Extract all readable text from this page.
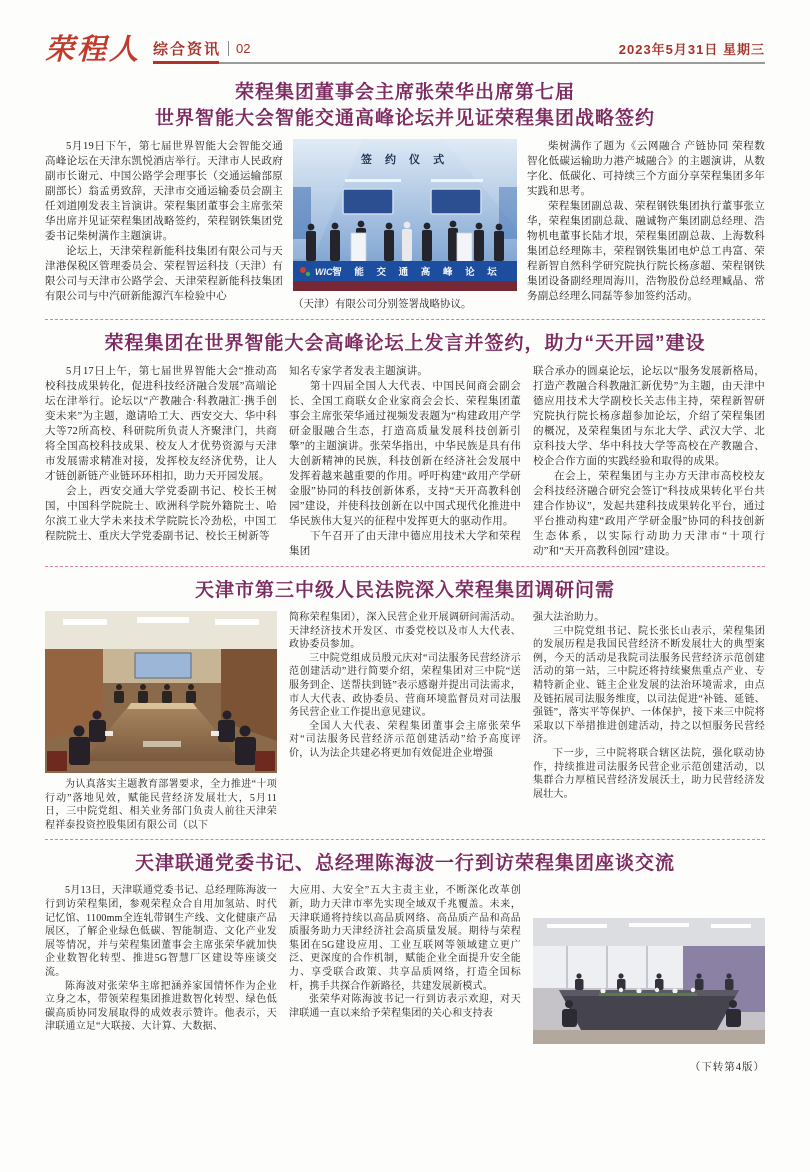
荣程人 综合资讯 02	2023年5月31日 星期三
荣程集团董事会主席张荣华出席第七届
世界智能大会智能交通高峰论坛并见证荣程集团战略签约

5月19日下午，第七届世界智能大会智能交通高峰论坛在天津东凯悦酒店举行。天津市人民政府副市长谢元、中国公路学会理事长（交通运输部原副部长）翁孟勇致辞，天津市交通运输委员会副主任刘道刚发表主旨演讲。荣程集团董事会主席张荣华出席并见证荣程集团战略签约，荣程钢铁集团党委书记柴树满作主题演讲。

论坛上，天津荣程新能科技集团有限公司与天津港保税区管理委员会、荣程智运科技（天津）有限公司与天津市公路学会、天津荣程新能科技集团有限公司与中汽研新能源汽车检验中心

签 约 仪 式
智 能 交 通 高 峰 论 坛
WIC

（天津）有限公司分别签署战略协议。

柴树满作了题为《云网融合 产链协同 荣程数智化低碳运输助力港产城融合》的主题演讲，从数字化、低碳化、可持续三个方面分享荣程集团多年实践和思考。

荣程集团副总裁、荣程钢铁集团执行董事张立华，荣程集团副总裁、融诚物产集团副总经理、浩物机电董事长陆才垠，荣程集团副总裁、上海数科集团总经理陈丰，荣程钢铁集团电炉总工冉富、荣程新智自然科学研究院执行院长杨彦超、荣程钢铁集团设备副经理周海川，浩物股份总经理臧晶、常务副总经理么同磊等参加签约活动。

荣程集团在世界智能大会高峰论坛上发言并签约，助力“天开园”建设

5月17日上午，第七届世界智能大会“推动高校科技成果转化，促进科技经济融合发展”高端论坛在津举行。论坛以“产教融合·科教融汇·携手创变未来”为主题，邀请哈工大、西安交大、华中科大等72所高校、科研院所负责人齐聚津门，共商将全国高校科技成果、校友人才优势资源与天津市发展需求精准对接，发挥校友经济优势，让人才链创新链产业链环环相扣，助力天开园发展。

会上，西安交通大学党委副书记、校长王树国，中国科学院院士、欧洲科学院外籍院士、哈尔滨工业大学未来技术学院院长冷劲松，中国工程院院士、重庆大学党委副书记、校长王树新等

知名专家学者发表主题演讲。

第十四届全国人大代表、中国民间商会副会长、全国工商联女企业家商会会长、荣程集团董事会主席张荣华通过视频发表题为“构建政用产学研金服融合生态，打造高质量发展科技创新引擎”的主题演讲。张荣华指出，中华民族是具有伟大创新精神的民族，科技创新在经济社会发展中发挥着越来越重要的作用。呼吁构建“政用产学研金服”协同的科技创新体系，支持“天开高教科创园”建设，并使科技创新在以中国式现代化推进中华民族伟大复兴的征程中发挥更大的驱动作用。

下午召开了由天津中德应用技术大学和荣程集团

联合承办的圆桌论坛，论坛以“服务发展新格局，打造产教融合科教融汇新优势”为主题，由天津中德应用技术大学副校长关志伟主持，荣程新智研究院执行院长杨彦超参加论坛，介绍了荣程集团的概况，及荣程集团与东北大学、武汉大学、北京科技大学、华中科技大学等高校在产教融合、校企合作方面的实践经验和取得的成果。

在会上，荣程集团与主办方天津市高校校友会科技经济融合研究会签订“科技成果转化平台共建合作协议”，发起共建科技成果转化平台，通过平台推动构建“政用产学研金服”协同的科技创新生态体系，以实际行动助力天津市“十项行动”和“天开高教科创园”建设。

天津市第三中级人民法院深入荣程集团调研问需

为认真落实主题教育部署要求，全力推进“十项行动”落地见效，赋能民营经济发展壮大，5月11日，三中院党组、相关业务部门负责人前往天津荣程祥泰投资控股集团有限公司（以下

简称荣程集团），深入民营企业开展调研问需活动。天津经济技术开发区、市委党校以及市人大代表、政协委员参加。

三中院党组成员殷元庆对“司法服务民营经济示范创建活动”进行简要介绍，荣程集团对三中院“送服务到企、送帮扶到链”表示感谢并提出司法需求，市人大代表、政协委员、营商环境监督员对司法服务民营企业工作提出意见建议。

全国人大代表、荣程集团董事会主席张荣华对“司法服务民营经济示范创建活动”给予高度评价，认为法企共建必将更加有效促进企业增强

强大法治助力。

三中院党组书记、院长张长山表示，荣程集团的发展历程是我国民营经济不断发展壮大的典型案例，今天的活动是我院司法服务民营经济示范创建活动的第一站，三中院还将持续聚焦重点产业、专精特新企业、链主企业发展的法治环境需求，由点及链拓展司法服务维度，以司法促进“补链、延链、强链”，落实平等保护、一体保护，接下来三中院将采取以下举措推进创建活动，持之以恒服务民营经济。

下一步，三中院将联合辖区法院，强化联动协作，持续推进司法服务民营企业示范创建活动，以集群合力厚植民营经济发展沃土，助力民营经济发展壮大。

天津联通党委书记、总经理陈海波一行到访荣程集团座谈交流

5月13日，天津联通党委书记、总经理陈海波一行到访荣程集团，参观荣程众合自用加氢站、时代记忆馆、1100mm全连轧带钢生产线、文化健康产品展区，了解企业绿色低碳、智能制造、文化产业发展等情况，并与荣程集团董事会主席张荣华就加快企业数智化转型、推进5G智慧厂区建设等座谈交流。

陈海波对张荣华主席把涵养家国情怀作为企业立身之本，带领荣程集团推进数智化转型、绿色低碳高质协同发展取得的成效表示赞许。他表示，天津联通立足“大联接、大计算、大数据、

大应用、大安全”五大主责主业，不断深化改革创新，助力天津市率先实现全域双千兆覆盖。未来，天津联通将持续以高品质网络、高品质产品和高品质服务助力天津经济社会高质量发展。期待与荣程集团在5G建设应用、工业互联网等领域建立更广泛、更深度的合作机制，赋能企业全面提升安全能力、享受联合政策、共享品质网络，打造全国标杆，携手共探合作新路径，共建发展新模式。

张荣华对陈海波书记一行到访表示欢迎，对天津联通一直以来给予荣程集团的关心和支持表

（下转第4版）
